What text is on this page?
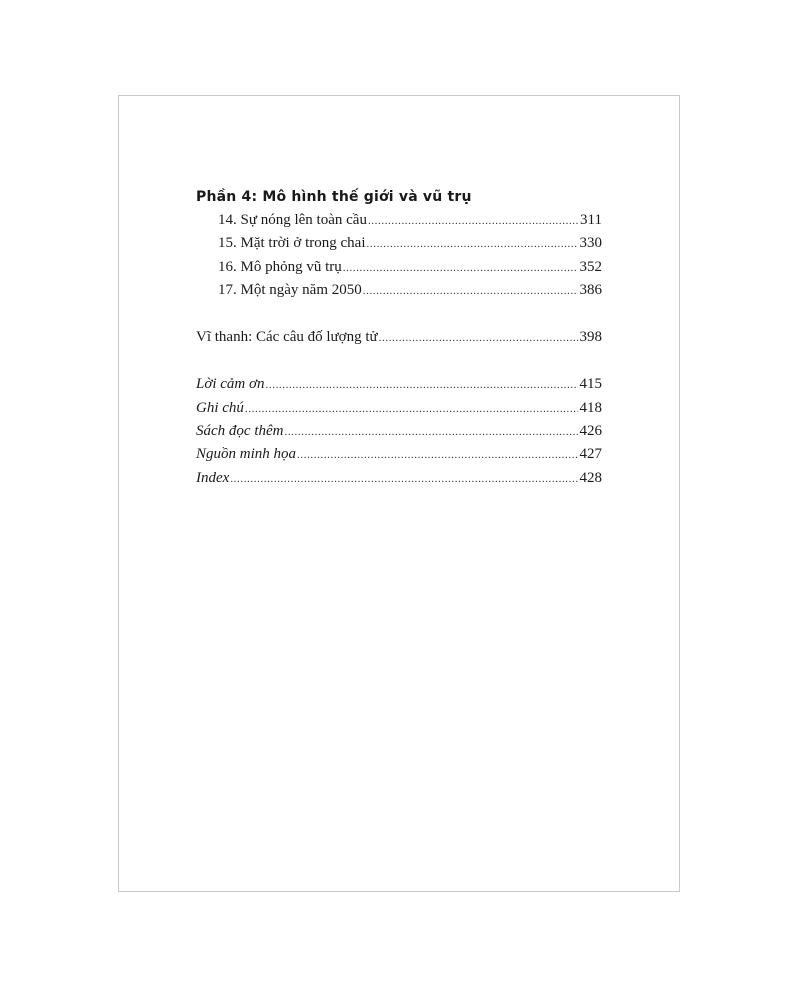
Phần 4: Mô hình thế giới và vũ trụ
14. Sự nóng lên toàn cầu .....	311
15. Mặt trời ở trong chai .....	330
16. Mô phỏng vũ trụ .....	352
17. Một ngày năm 2050 .....	386
Vĩ thanh: Các câu đố lượng tử .....	398
Lời cảm ơn .....	415
Ghi chú .....	418
Sách đọc thêm .....	426
Nguồn minh họa .....	427
Index .....	428
